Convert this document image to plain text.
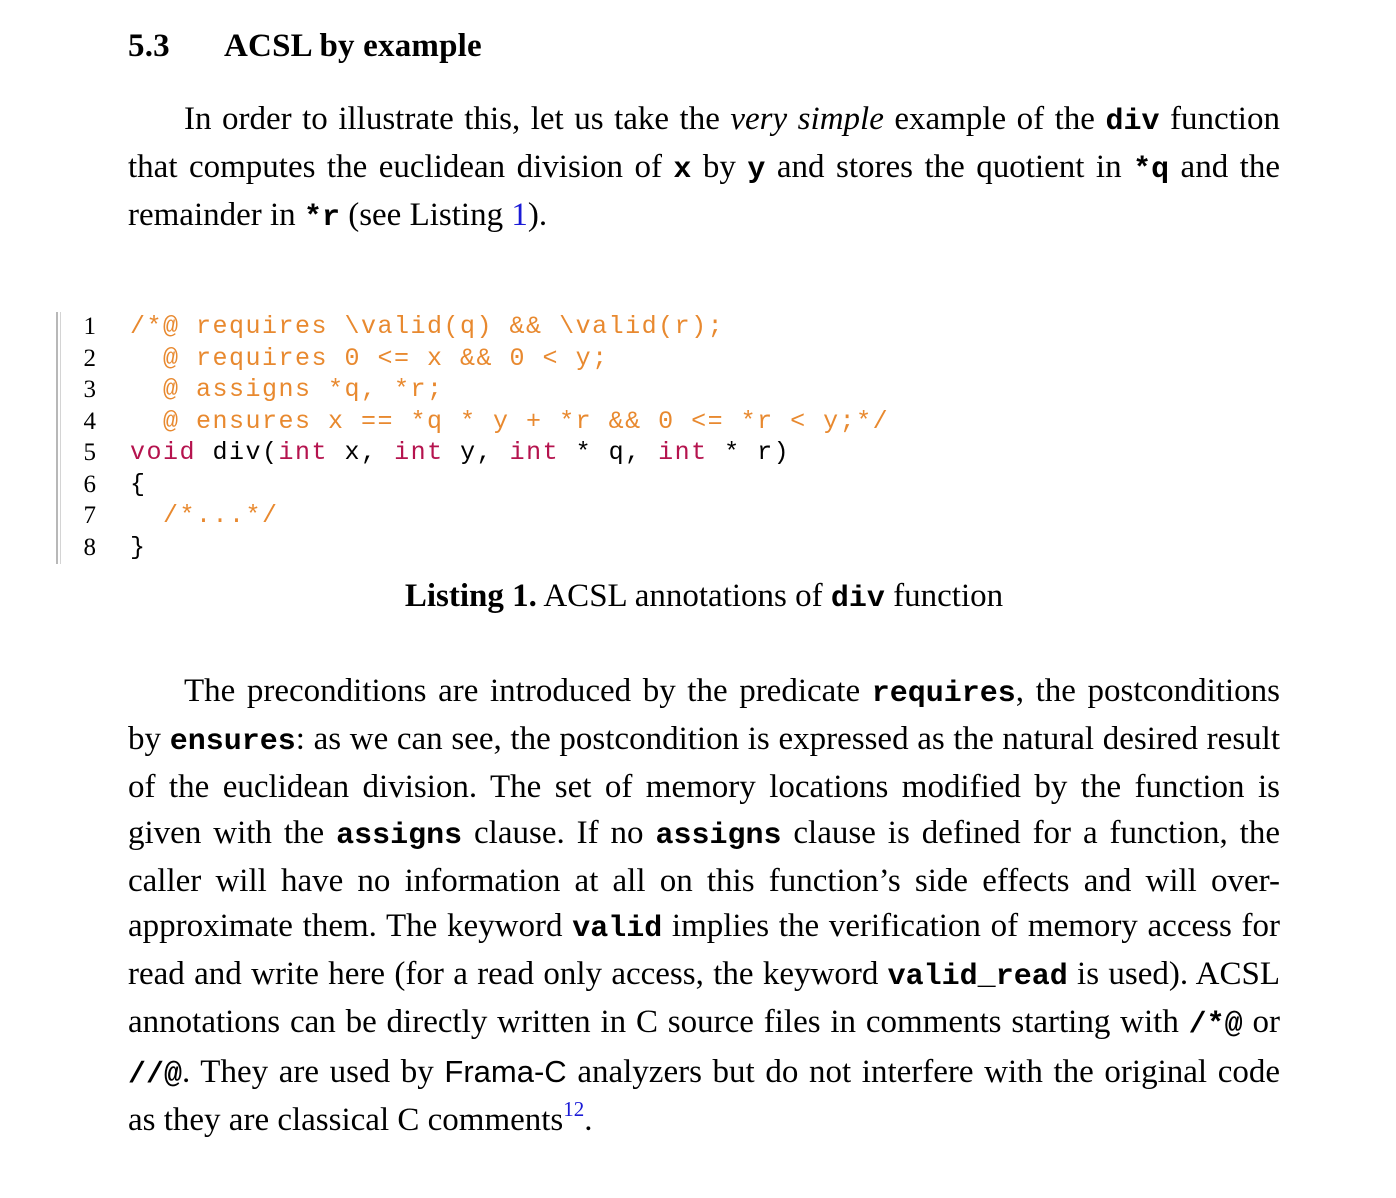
5.3 ACSL by example

In order to illustrate this, let us take the very simple example of the div function that computes the euclidean division of x by y and stores the quotient in *q and the remainder in *r (see Listing 1).

1 /*@ requires \valid(q) && \valid(r);
2 @ requires 0 <= x && 0 < y;
3 @ assigns *q, *r;
4 @ ensures x == *q * y + *r && 0 <= *r < y;*/
5 void div(int x, int y, int * q, int * r)
6 {
7 /*...*/
8 }
Listing 1. ACSL annotations of div function

The preconditions are introduced by the predicate requires, the postconditions by ensures: as we can see, the postcondition is expressed as the natural desired result of the euclidean division. The set of memory locations modified by the function is given with the assigns clause. If no assigns clause is defined for a function, the caller will have no information at all on this function’s side effects and will over-approximate them. The keyword valid implies the verification of memory access for read and write here (for a read only access, the keyword valid_read is used). ACSL annotations can be directly written in C source files in comments starting with /*@ or //@. They are used by Frama-C analyzers but do not interfere with the original code as they are classical C comments$^{12}$.
